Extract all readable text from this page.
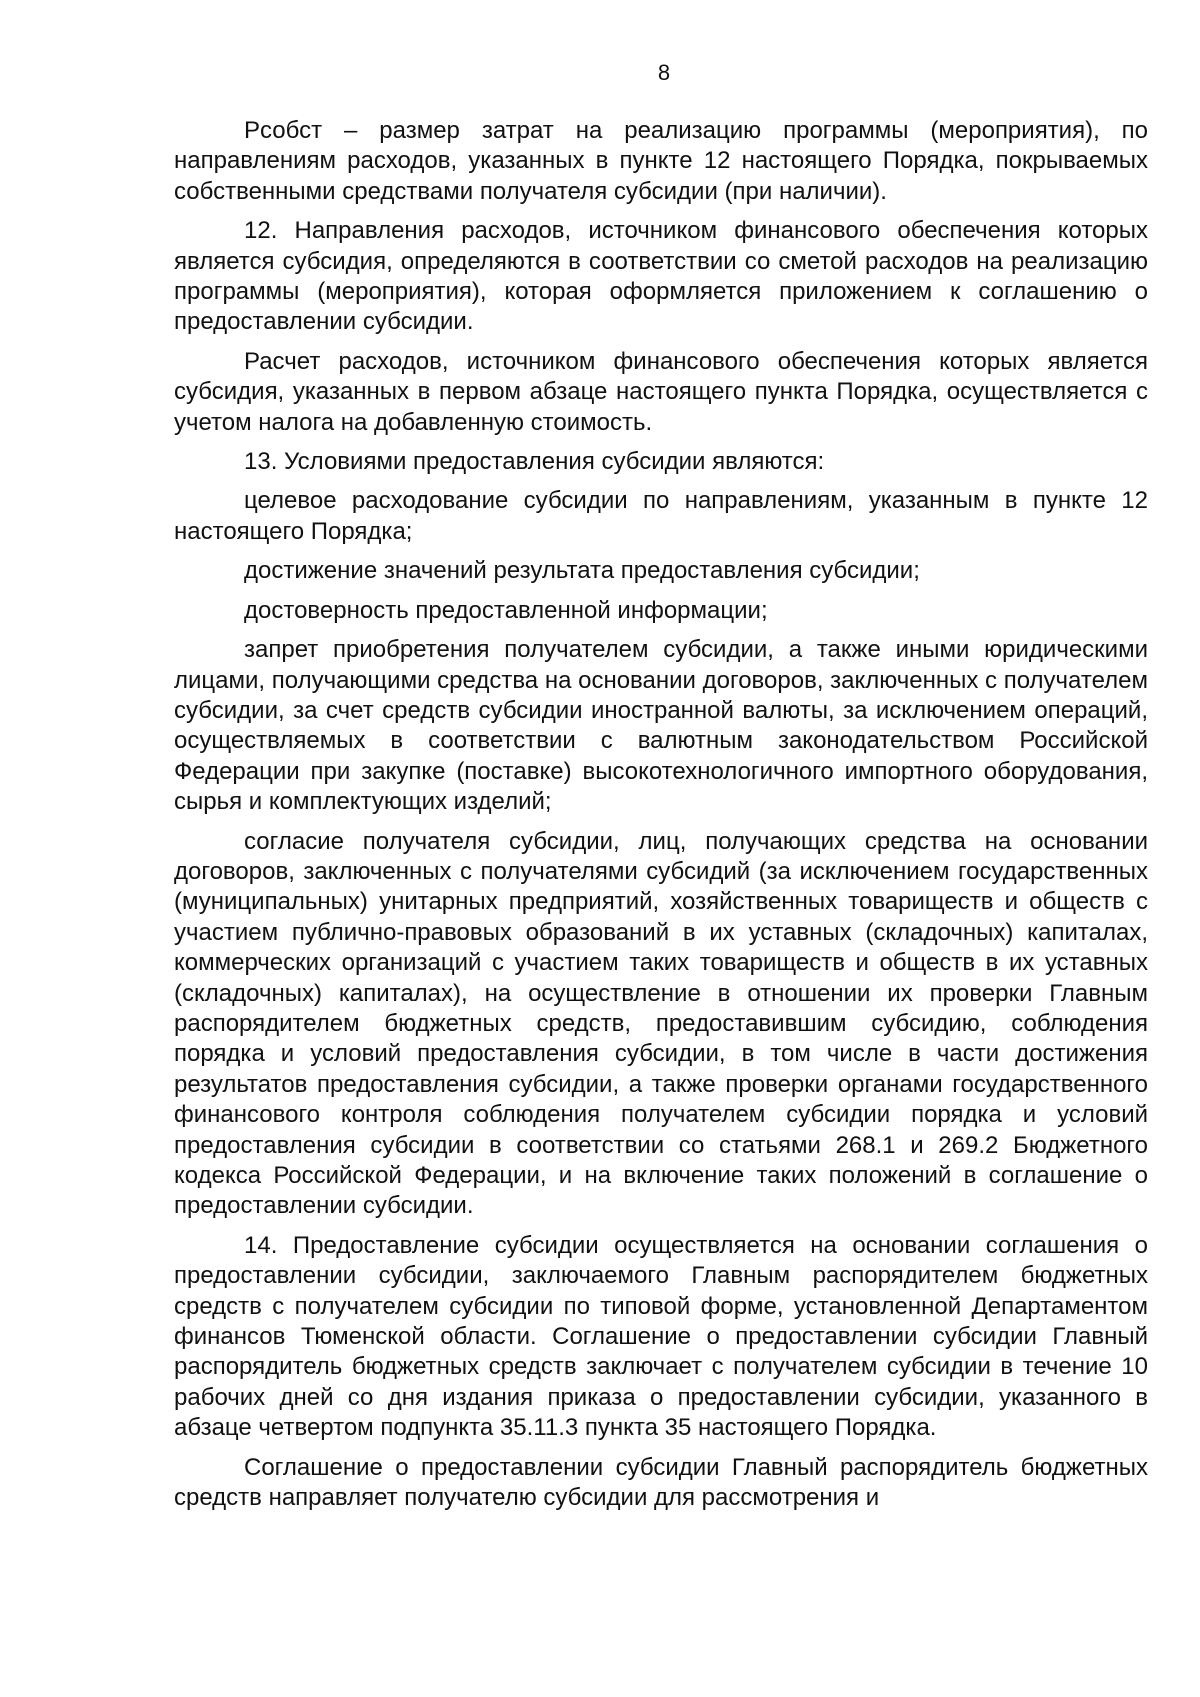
8

Рсобст – размер затрат на реализацию программы (мероприятия), по направлениям расходов, указанных в пункте 12 настоящего Порядка, покрываемых собственными средствами получателя субсидии (при наличии).

12. Направления расходов, источником финансового обеспечения которых является субсидия, определяются в соответствии со сметой расходов на реализацию программы (мероприятия), которая оформляется приложением к соглашению о предоставлении субсидии.

Расчет расходов, источником финансового обеспечения которых является субсидия, указанных в первом абзаце настоящего пункта Порядка, осуществляется с учетом налога на добавленную стоимость.

13. Условиями предоставления субсидии являются:

целевое расходование субсидии по направлениям, указанным в пункте 12 настоящего Порядка;

достижение значений результата предоставления субсидии;

достоверность предоставленной информации;

запрет приобретения получателем субсидии, а также иными юридическими лицами, получающими средства на основании договоров, заключенных с получателем субсидии, за счет средств субсидии иностранной валюты, за исключением операций, осуществляемых в соответствии с валютным законодательством Российской Федерации при закупке (поставке) высокотехнологичного импортного оборудования, сырья и комплектующих изделий;

согласие получателя субсидии, лиц, получающих средства на основании договоров, заключенных с получателями субсидий (за исключением государственных (муниципальных) унитарных предприятий, хозяйственных товариществ и обществ с участием публично-правовых образований в их уставных (складочных) капиталах, коммерческих организаций с участием таких товариществ и обществ в их уставных (складочных) капиталах), на осуществление в отношении их проверки Главным распорядителем бюджетных средств, предоставившим субсидию, соблюдения порядка и условий предоставления субсидии, в том числе в части достижения результатов предоставления субсидии, а также проверки органами государственного финансового контроля соблюдения получателем субсидии порядка и условий предоставления субсидии в соответствии со статьями 268.1 и 269.2 Бюджетного кодекса Российской Федерации, и на включение таких положений в соглашение о предоставлении субсидии.

14. Предоставление субсидии осуществляется на основании соглашения о предоставлении субсидии, заключаемого Главным распорядителем бюджетных средств с получателем субсидии по типовой форме, установленной Департаментом финансов Тюменской области. Соглашение о предоставлении субсидии Главный распорядитель бюджетных средств заключает с получателем субсидии в течение 10 рабочих дней со дня издания приказа о предоставлении субсидии, указанного в абзаце четвертом подпункта 35.11.3 пункта 35 настоящего Порядка.

Соглашение о предоставлении субсидии Главный распорядитель бюджетных средств направляет получателю субсидии для рассмотрения и
